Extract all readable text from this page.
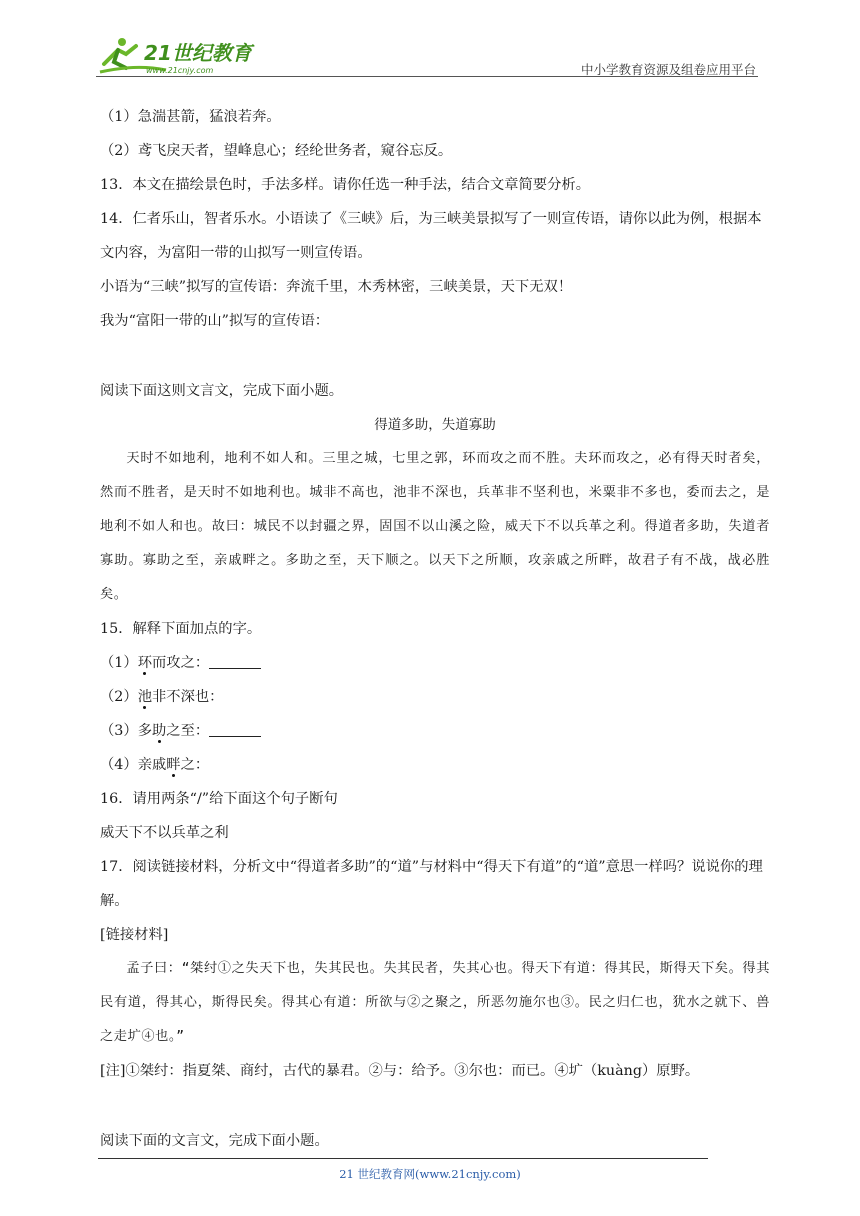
21世纪教育
www.21cnjy.com	中小学教育资源及组卷应用平台
（1）急湍甚箭，猛浪若奔。
（2）鸢飞戾天者，望峰息心；经纶世务者，窥谷忘反。
13．本文在描绘景色时，手法多样。请你任选一种手法，结合文章简要分析。
14．仁者乐山，智者乐水。小语读了《三峡》后，为三峡美景拟写了一则宣传语，请你以此为例，根据本文内容，为富阳一带的山拟写一则宣传语。
小语为“三峡”拟写的宣传语：奔流千里，木秀林密，三峡美景，天下无双！
我为“富阳一带的山”拟写的宣传语：
阅读下面这则文言文，完成下面小题。
得道多助，失道寡助
天时不如地利，地利不如人和。三里之城，七里之郭，环而攻之而不胜。夫环而攻之，必有得天时者矣，然而不胜者，是天时不如地利也。城非不高也，池非不深也，兵革非不坚利也，米粟非不多也，委而去之，是地利不如人和也。故曰：城民不以封疆之界，固国不以山溪之险，威天下不以兵革之利。得道者多助，失道者寡助。寡助之至，亲戚畔之。多助之至，天下顺之。以天下之所顺，攻亲戚之所畔，故君子有不战，战必胜矣。
15．解释下面加点的字。
（1）环而攻之：
（2）池非不深也：
（3）多助之至：
（4）亲戚畔之：
16．请用两条“/”给下面这个句子断句
威天下不以兵革之利
17．阅读链接材料，分析文中“得道者多助”的“道”与材料中“得天下有道”的“道”意思一样吗？说说你的理解。
[链接材料]
孟子曰：“桀纣①之失天下也，失其民也。失其民者，失其心也。得天下有道：得其民，斯得天下矣。得其民有道，得其心，斯得民矣。得其心有道：所欲与②之聚之，所恶勿施尔也③。民之归仁也，犹水之就下、兽之走圹④也。”
[注]①桀纣：指夏桀、商纣，古代的暴君。②与：给予。③尔也：而已。④圹（kuàng）原野。
阅读下面的文言文，完成下面小题。
21 世纪教育网(www.21cnjy.com)
